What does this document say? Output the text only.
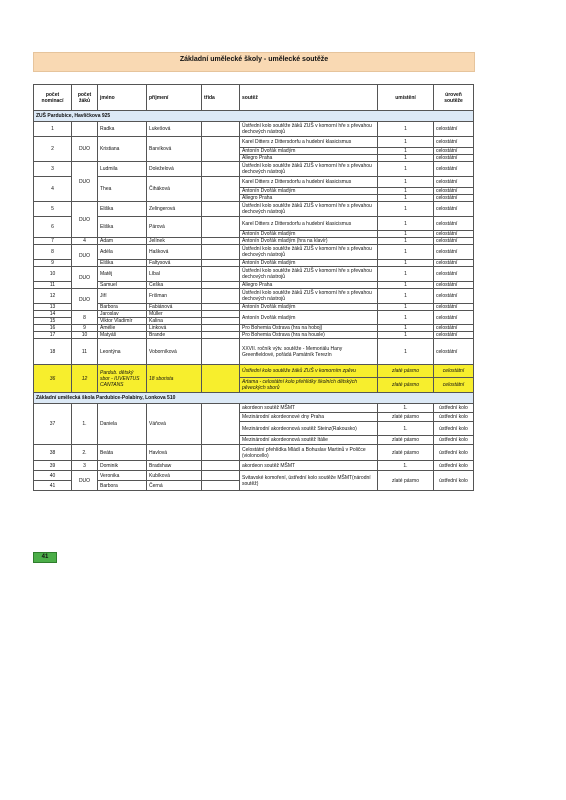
Základní umělecké školy - umělecké soutěže
počet nominací	počet žáků	jméno	příjmení	třída	soutěž	umístění	úroveň soutěže
ZUŠ Pardubice, Havlíčkova 925							
1		Radka	Lukešová		Ústřední kolo soutěže žáků ZUŠ v komorní hře s převahou dechových nástrojů	1	celostátní
2	DUO	Kristiana	Barvíková		Karel Ditters z Dittersdorfu a hudební klasicismus	1	celostátní
					Antonín Dvořák mladým	1	celostátní
					Allegro Praha	1	celostátní
3	DUO	Ludmila	Doleželová		Ústřední kolo soutěže žáků ZUŠ v komorní hře s převahou dechových nástrojů	1	celostátní
4		Thea	Čiháková		Karel Ditters z Dittersdorfu a hudební klasicismus	1	celostátní
					Antonín Dvořák mladým	1	celostátní
					Allegro Praha	1	celostátní
5	DUO	Eliška	Zelingerová		Ústřední kolo soutěže žáků ZUŠ v komorní hře s převahou dechových nástrojů	1	celostátní
6		Eliška	Párová		Karel Ditters z Dittersdorfu a hudební klasicismus	1	celostátní
					Antonín Dvořák mladým	1	celostátní
7	4	Adam	Jelínek		Antonín Dvořák mladým (hra na klavír)	1	celostátní
8	DUO	Adéla	Hašková		Ústřední kolo soutěže žáků ZUŠ v komorní hře s převahou dechových nástrojů	1	celostátní
9		Eliška	Faltysová		Antonín Dvořák mladým	1	celostátní
10	DUO	Matěj	Líbal		Ústřední kolo soutěže žáků ZUŠ v komorní hře s převahou dechových nástrojů	1	celostátní
11		Samuel	Češka		Allegro Praha	1	celostátní
12	DUO	Jiří	Frišman		Ústřední kolo soutěže žáků ZUŠ v komorní hře s převahou dechových nástrojů	1	celostátní
13		Barbora	Fabiánová		Antonín Dvořák mladým	1	celostátní
14	8	Jaroslav	Müller		Antonín Dvořák mladým	1	celostátní
15		Viktor Vladimír	Kalina				
16	9	Amélie	Linková		Pro Bohemia Ostrava (hra na hoboj)	1	celostátní
17	10	Matyáš	Brande		Pro Bohemia Ostrava (hra na housle)	1	celostátní
18	11	Leontýna	Voborníková		XXVII. ročník výtv. soutěže - Memoriálu Hany Greenfieldové, pořádá Památník Terezín	1	celostátní
36	12	Pardub. dětský sbor - IUVENTUS CANTANS	18 sborista		Ústřední kolo soutěže žáků ZUŠ v komorním zpěvu	zlaté pásmo	celostátní
					Artama - celostátní kolo přehlídky školních dětských pěveckých sborů	zlaté pásmo	celostátní
Základní umělecká škola Pardubice-Polabiny, Lonkova 510							
37	1.	Daniela	Váňová		akordeon soutěž MŠMT	1.	ústřední kolo
					Mezinárodní akordeonové dny Praha	zlaté pásmo	ústřední kolo
					Mezinárodní akordeonová soutěž Steinz(Rakousko)	1.	ústřední kolo
					Mezinárodní akordeonová soutěž Itálie	zlaté pásmo	ústřední kolo
38	2.	Beáta	Havlová		Celostátní přehlídka Mládí a Bohuslav Martinů v Poličce (violoncello)	zlaté pásmo	ústřední kolo
39	3	Dominik	Bradshaw		akordeon soutěž MŠMT	1.	ústřední kolo
40	DUO	Veronika	Kubíková		Svitavské komoření, ústřední kolo soutěže MŠMT(národní soutěž)	zlaté pásmo	ústřední kolo
41		Barbora	Černá				
41
